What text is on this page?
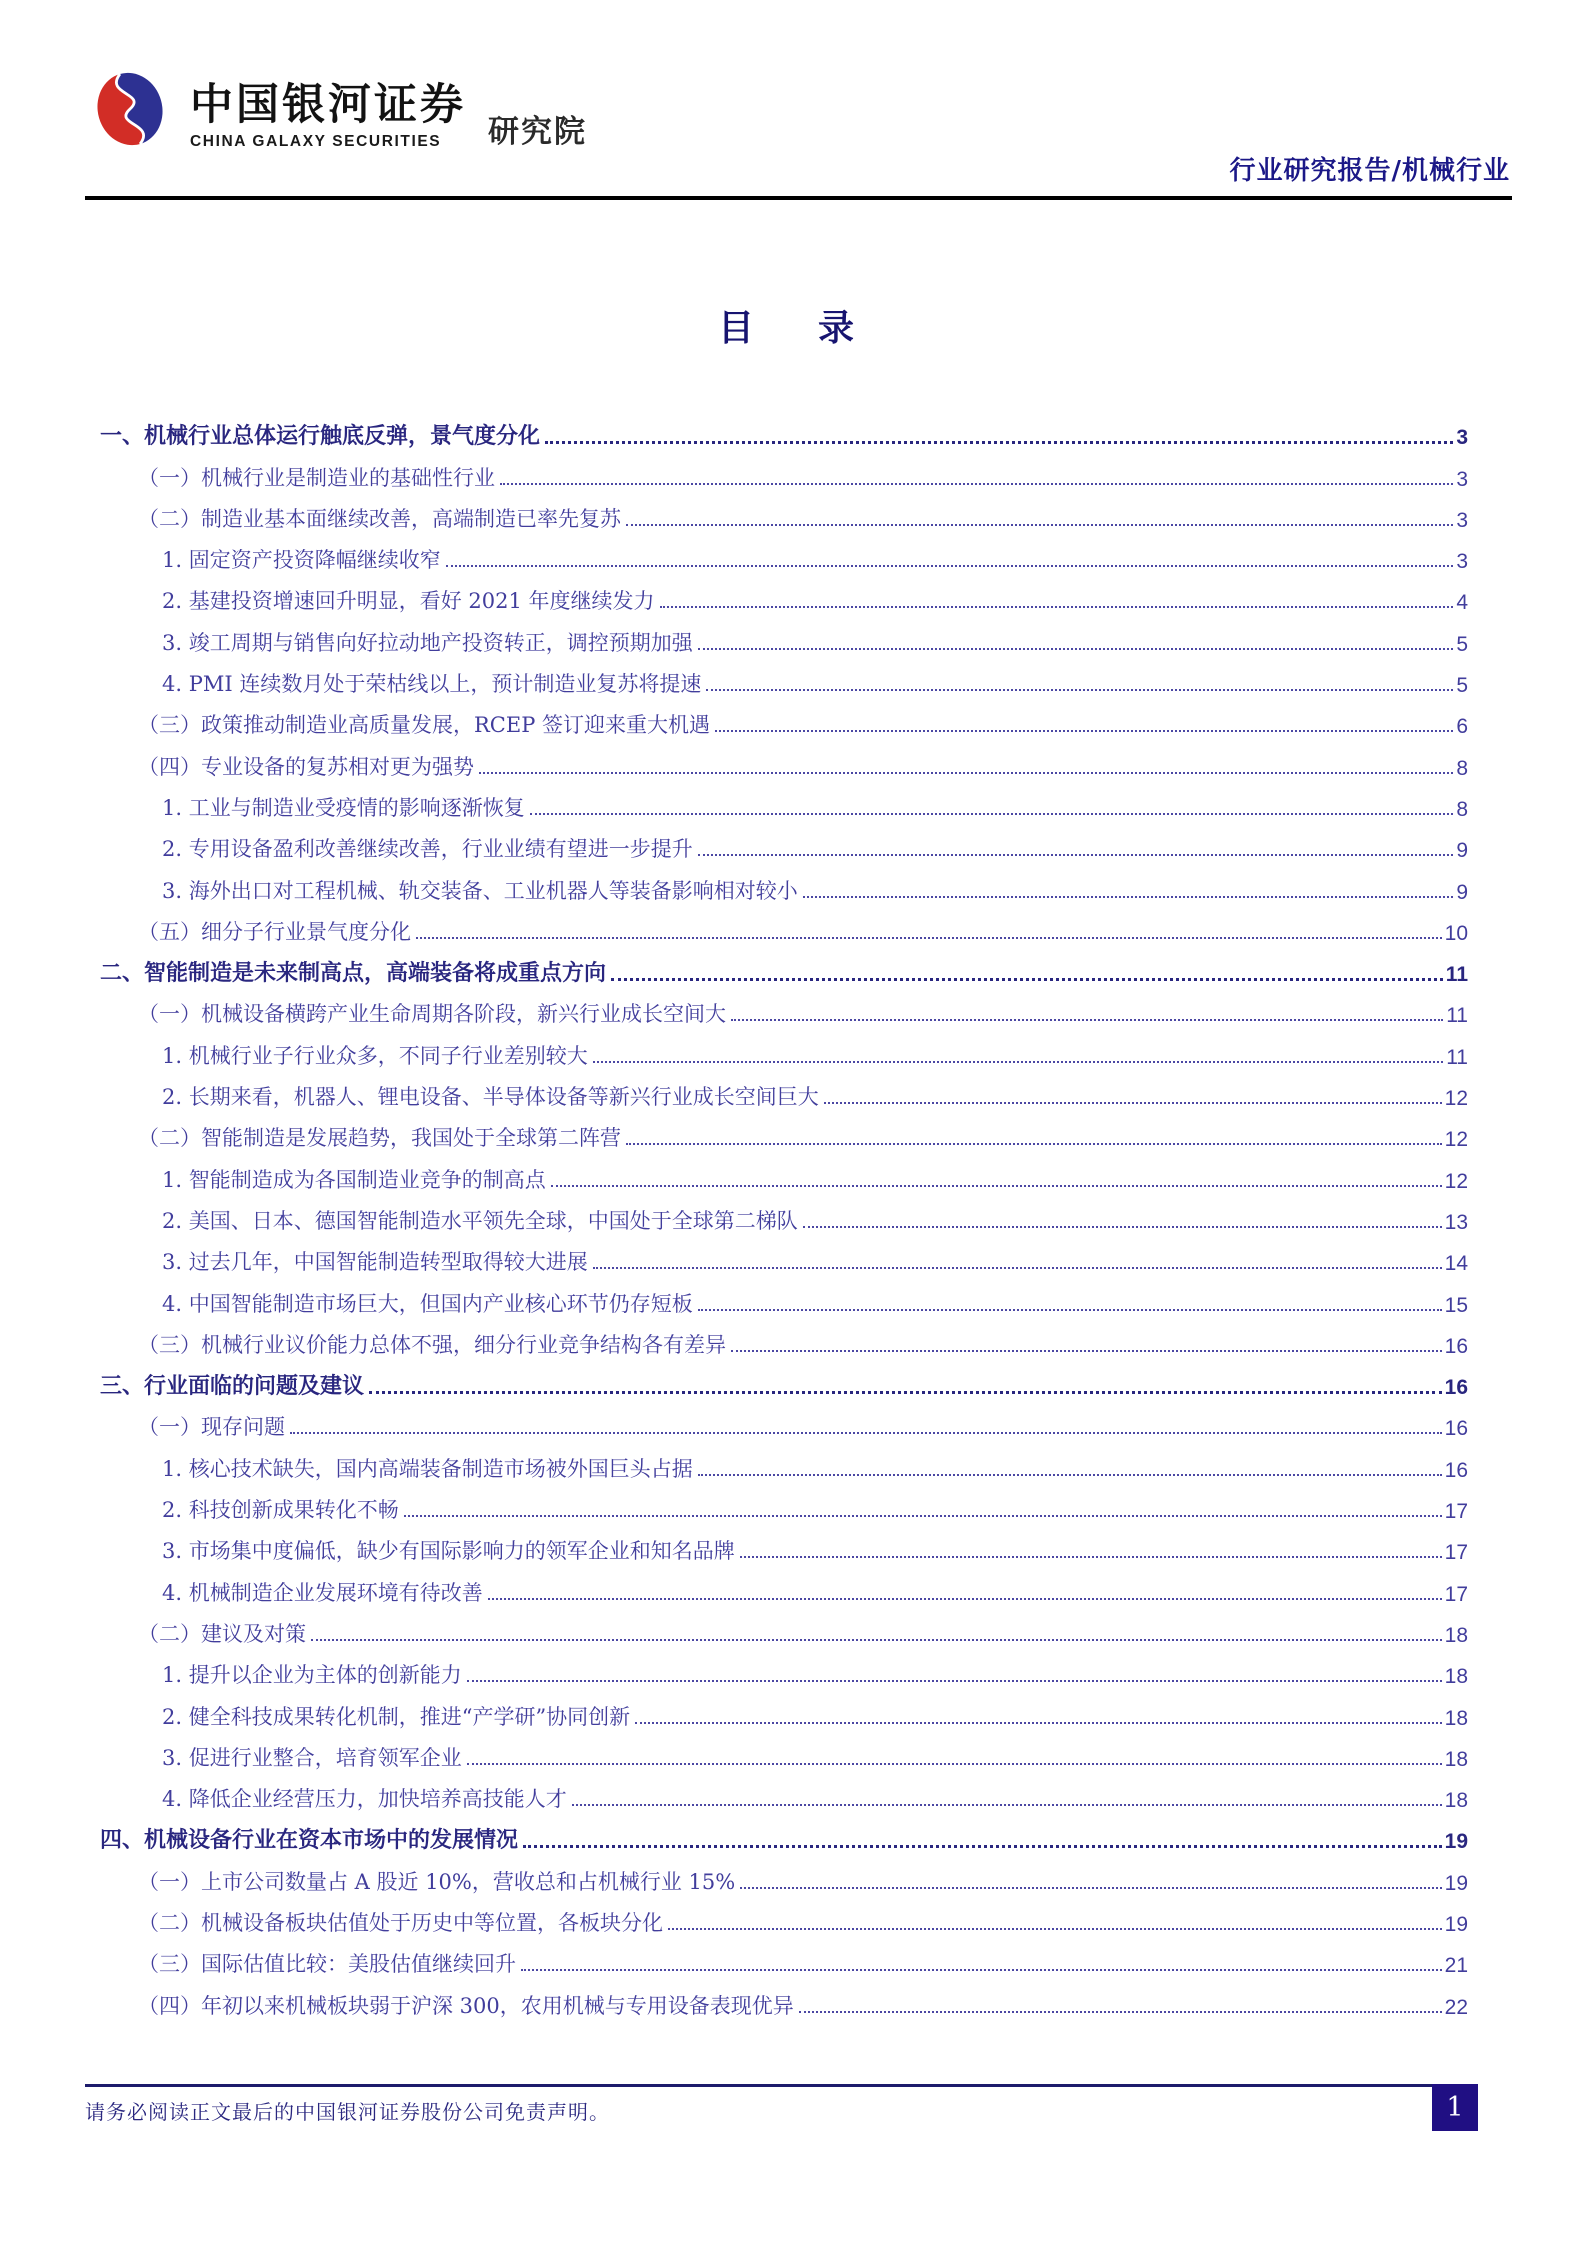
中国银河证券
CHINA GALAXY SECURITIES	研究院
行业研究报告/机械行业
目　录
一、机械行业总体运行触底反弹，景气度分化	3
（一）机械行业是制造业的基础性行业	3
（二）制造业基本面继续改善，高端制造已率先复苏	3
1. 固定资产投资降幅继续收窄	3
2. 基建投资增速回升明显，看好 2021 年度继续发力	4
3. 竣工周期与销售向好拉动地产投资转正，调控预期加强	5
4. PMI 连续数月处于荣枯线以上，预计制造业复苏将提速	5
（三）政策推动制造业高质量发展，RCEP 签订迎来重大机遇	6
（四）专业设备的复苏相对更为强势	8
1. 工业与制造业受疫情的影响逐渐恢复	8
2. 专用设备盈利改善继续改善，行业业绩有望进一步提升	9
3. 海外出口对工程机械、轨交装备、工业机器人等装备影响相对较小	9
（五）细分子行业景气度分化	10
二、智能制造是未来制高点，高端装备将成重点方向	11
（一）机械设备横跨产业生命周期各阶段，新兴行业成长空间大	11
1. 机械行业子行业众多，不同子行业差别较大	11
2. 长期来看，机器人、锂电设备、半导体设备等新兴行业成长空间巨大	12
（二）智能制造是发展趋势，我国处于全球第二阵营	12
1. 智能制造成为各国制造业竞争的制高点	12
2. 美国、日本、德国智能制造水平领先全球，中国处于全球第二梯队	13
3. 过去几年，中国智能制造转型取得较大进展	14
4. 中国智能制造市场巨大，但国内产业核心环节仍存短板	15
（三）机械行业议价能力总体不强，细分行业竞争结构各有差异	16
三、行业面临的问题及建议	16
（一）现存问题	16
1. 核心技术缺失，国内高端装备制造市场被外国巨头占据	16
2. 科技创新成果转化不畅	17
3. 市场集中度偏低，缺少有国际影响力的领军企业和知名品牌	17
4. 机械制造企业发展环境有待改善	17
（二）建议及对策	18
1. 提升以企业为主体的创新能力	18
2. 健全科技成果转化机制，推进“产学研”协同创新	18
3. 促进行业整合，培育领军企业	18
4. 降低企业经营压力，加快培养高技能人才	18
四、机械设备行业在资本市场中的发展情况	19
（一）上市公司数量占 A 股近 10%，营收总和占机械行业 15%	19
（二）机械设备板块估值处于历史中等位置，各板块分化	19
（三）国际估值比较：美股估值继续回升	21
（四）年初以来机械板块弱于沪深 300，农用机械与专用设备表现优异	22
请务必阅读正文最后的中国银河证券股份公司免责声明。	1
